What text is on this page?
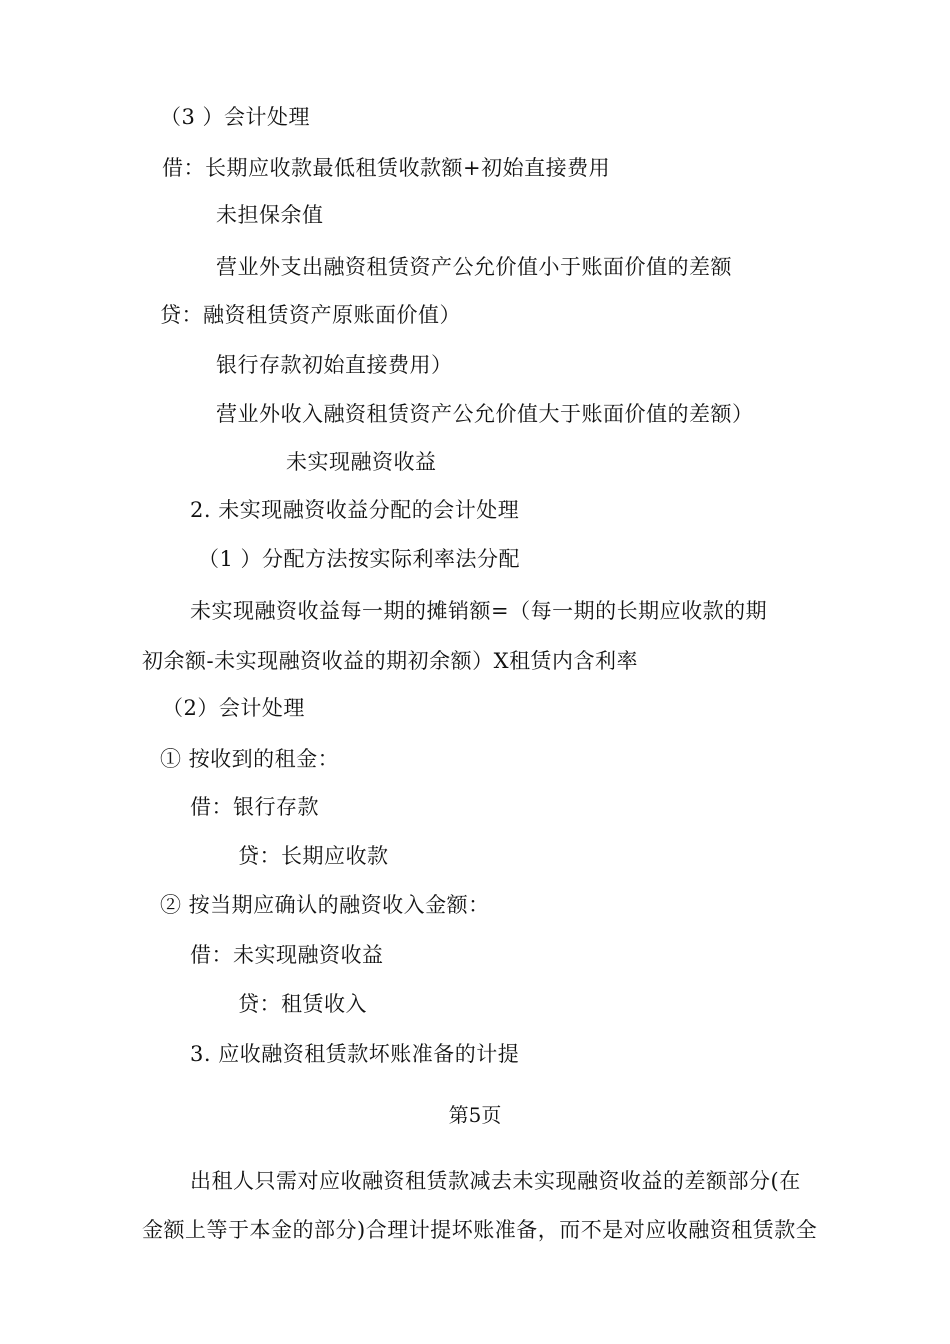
（3 ）会计处理
借：长期应收款最低租赁收款额+初始直接费用
未担保余值
营业外支出融资租赁资产公允价值小于账面价值的差额
贷：融资租赁资产原账面价值）
银行存款初始直接费用）
营业外收入融资租赁资产公允价值大于账面价值的差额）
未实现融资收益
2. 未实现融资收益分配的会计处理
（1 ）分配方法按实际利率法分配
未实现融资收益每一期的摊销额=（每一期的长期应收款的期
初余额-未实现融资收益的期初余额）X租赁内含利率
（2）会计处理
① 按收到的租金：
借：银行存款
贷：长期应收款
② 按当期应确认的融资收入金额：
借：未实现融资收益
贷：租赁收入
3. 应收融资租赁款坏账准备的计提
第5页
出租人只需对应收融资租赁款减去未实现融资收益的差额部分(在
金额上等于本金的部分)合理计提坏账准备，而不是对应收融资租赁款全
